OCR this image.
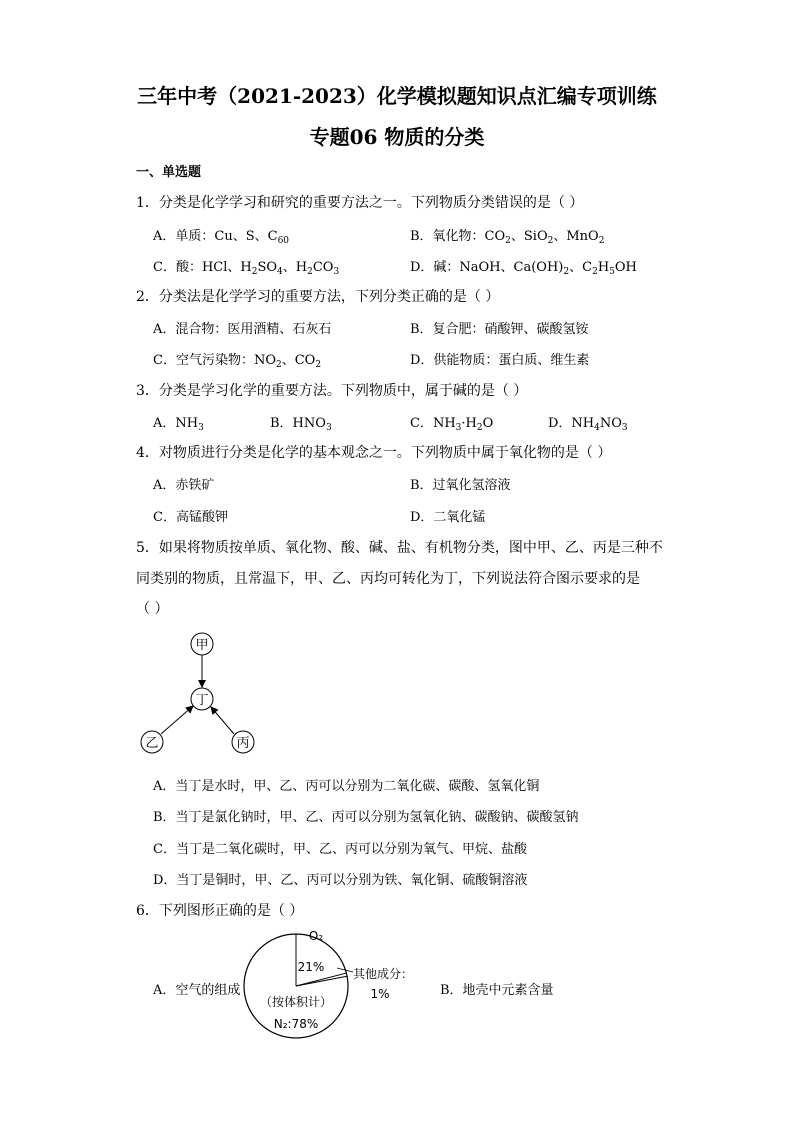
三年中考（2021-2023）化学模拟题知识点汇编专项训练
专题06 物质的分类
一、单选题
1．分类是化学学习和研究的重要方法之一。下列物质分类错误的是（ ）
A．单质：Cu、S、$C_{60}$	B．氧化物：$CO_2$、SiO$_2$、MnO$_2$
C．酸：HCl、$H_2SO_4$、$H_2CO_3$	D．碱：NaOH、$Ca(OH)_2$、$C_2H_5OH$
2．分类法是化学学习的重要方法，下列分类正确的是（ ）
A．混合物：医用酒精、石灰石	B．复合肥：硝酸钾、碳酸氢铵
C．空气污染物：$NO_2$、$CO_2$	D．供能物质：蛋白质、维生素
3．分类是学习化学的重要方法。下列物质中，属于碱的是（ ）
A．$NH_3$	B．$HNO_3$	C．$NH_3\cdot H_2O$	D．$NH_4NO_3$
4．对物质进行分类是化学的基本观念之一。下列物质中属于氧化物的是（ ）
A．赤铁矿	B．过氧化氢溶液
C．高锰酸钾	D．二氧化锰
5．如果将物质按单质、氧化物、酸、碱、盐、有机物分类，图中甲、乙、丙是三种不
同类别的物质，且常温下，甲、乙、丙均可转化为丁，下列说法符合图示要求的是
（ ）
甲
丁
乙	丙
A．当丁是水时，甲、乙、丙可以分别为二氧化碳、碳酸、氢氧化铜
B．当丁是氯化钠时，甲、乙、丙可以分别为氢氧化钠、碳酸钠、碳酸氢钠
C．当丁是二氧化碳时，甲、乙、丙可以分别为氧气、甲烷、盐酸
D．当丁是铜时，甲、乙、丙可以分别为铁、氧化铜、硫酸铜溶液
6．下列图形正确的是（ ）
A．空气的组成	B．地壳中元素含量
O₂
21% 其他成分：
1%
（按体积计）
N₂:78%
